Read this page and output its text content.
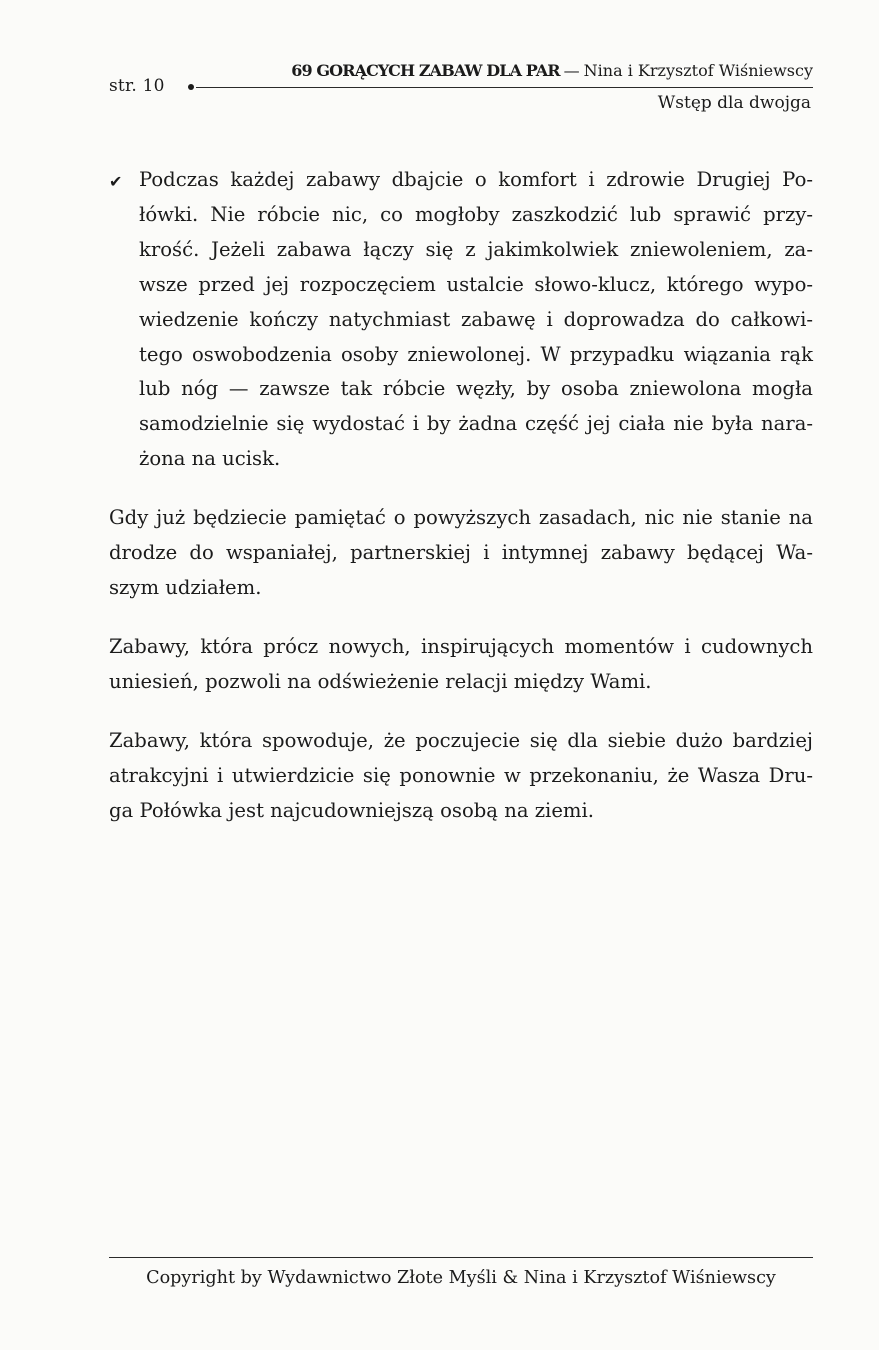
str. 10
69 GORĄCYCH ZABAW DLA PAR — Nina i Krzysztof Wiśniewscy
Wstęp dla dwojga
✔ Podczas każdej zabawy dbajcie o komfort i zdrowie Drugiej Po-
łówki. Nie róbcie nic, co mogłoby zaszkodzić lub sprawić przy-
krość. Jeżeli zabawa łączy się z jakimkolwiek zniewoleniem, za-
wsze przed jej rozpoczęciem ustalcie słowo-klucz, którego wypo-
wiedzenie kończy natychmiast zabawę i doprowadza do całkowi-
tego oswobodzenia osoby zniewolonej. W przypadku wiązania rąk
lub nóg — zawsze tak róbcie węzły, by osoba zniewolona mogła
samodzielnie się wydostać i by żadna część jej ciała nie była nara-
żona na ucisk.
Gdy już będziecie pamiętać o powyższych zasadach, nic nie stanie na
drodze do wspaniałej, partnerskiej i intymnej zabawy będącej Wa-
szym udziałem.
Zabawy, która prócz nowych, inspirujących momentów i cudownych
uniesień, pozwoli na odświeżenie relacji między Wami.
Zabawy, która spowoduje, że poczujecie się dla siebie dużo bardziej
atrakcyjni i utwierdzicie się ponownie w przekonaniu, że Wasza Dru-
ga Połówka jest najcudowniejszą osobą na ziemi.
Copyright by Wydawnictwo Złote Myśli & Nina i Krzysztof Wiśniewscy
